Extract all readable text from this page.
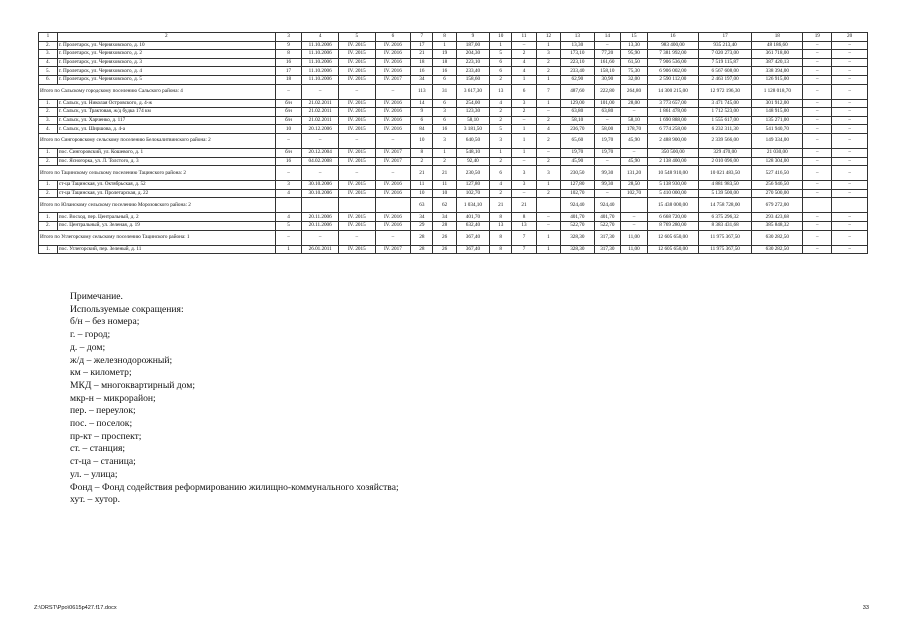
1	2	3	4	5	6	7	8	9	10	11	12	13	14	15	16	17	18	19	20
2.	г. Пролетарск, ул. Черняховского, д. 10	9	11.10.2006	IV. 2015	IV. 2016	17	1	187,00	1	–	1	13,30	–	13,30	983 400,00	935 213,40	48 186,60	–	–
3.	г. Пролетарск, ул. Черняховского, д. 2	8	11.10.2006	IV. 2015	IV. 2016	21	19	204,30	5	2	3	173,10	77,20	95,90	7 381 992,00	7 020 273,00	361 718,00	–	–
4.	г. Пролетарск, ул. Черняховского, д. 3	16	11.10.2006	IV. 2015	IV. 2016	18	18	223,10	6	4	2	223,10	161,60	61,50	7 906 536,00	7 519 115,87	387 420,13	–	–
5.	г. Пролетарск, ул. Черняховского, д. 4	17	11.10.2006	IV. 2015	IV. 2016	16	16	233,40	6	4	2	233,40	158,10	75,30	6 906 002,00	6 567 608,00	338 394,00	–	–
6.	г. Пролетарск, ул. Черняховского, д. 5	18	11.10.2006	IV. 2015	IV. 2017	34	6	158,60	2	1	1	62,90	30,90	32,00	2 590 112,00	2 463 197,00	126 915,00	–	–
Итого по Сальскому городскому поселению Сальского района: 4		–	–	–	–	113	31	3 617,30	13	6	7	487,60	222,80	264,80	14 300 215,00	12 972 196,30	1 128 018,70	–	–
1.	г. Сальск, ул. Николая Островского, д. 4-ж	б/н	21.02.2011	IV. 2015	IV. 2016	14	6	254,00	4	3	1	129,00	101,00	28,00	3 773 657,00	3 471 745,00	301 912,00	–	–
2.	г. Сальск, ул. Трактовая, ж/д будка 174 км	б/н	21.02.2011	IV. 2015	IV. 2016	9	3	123,30	2	2	–	63,80	63,80	–	1 861 478,00	1 712 523,00	148 915,00	–	–
3.	г. Сальск, ул. Харченко, д. 117	б/н	21.02.2011	IV. 2015	IV. 2016	6	6	58,10	2	–	2	58,10	–	58,10	1 690 888,00	1 555 617,00	135 271,00	–	–
4.	г. Сальск, ул. Ширшова, д. 4-а	10	20.12.2006	IV. 2015	IV. 2016	84	16	3 181,50	5	1	4	236,70	58,00	178,70	6 774 258,00	6 232 311,30	541 940,70	–	–
Итого по Сингоровскому сельскому поселению Белокалитвинского района: 2		–	–	–	–	10	3	640,50	3	1	2	65,60	19,70	45,90	2 488 900,00	2 339 566,00	149 334,00	–	–
1.	пос. Сингоровский, ул. Кошевого, д. 1	б/н	20.12.2004	IV. 2015	IV. 2017	8	1	548,10	1	1	–	19,70	19,70	–	350 500,00	329 470,00	21 030,00	–	–
2.	пос. Ясногорка, ул. Л. Толстого, д. 3	16	04.02.2008	IV. 2015	IV. 2017	2	2	92,40	2	–	2	45,90	–	45,90	2 138 400,00	2 010 096,00	128 304,00	–	–
Итого по Тацинскому сельскому поселению Тацинского района: 2		–	–	–	–	21	21	230,50	6	3	3	230,50	99,30	131,20	10 548 910,00	10 021 483,50	527 416,50	–	–
1.	ст-ца Тацинская, ул. Октябрьская, д. 52	3	30.10.2006	IV. 2015	IV. 2016	11	11	127,80	4	3	1	127,80	99,30	28,50	5 138 930,00	4 881 983,50	256 946,50	–	–
2.	ст-ца Тацинская, ул. Пролетарская, д. 22	4	30.10.2006	IV. 2015	IV. 2016	10	10	102,70	2	–	2	102,70	–	102,70	5 410 000,00	5 139 500,00	270 500,00	–	–
Итого по Юланскому сельскому поселению Морозовского района: 2						63	62	1 034,10	21	21		924,40	924,40		15 438 000,00	14 758 728,00	679 272,00		
1.	пос. Восход, пер. Центральный, д. 2	4	20.11.2006	IV. 2015	IV. 2016	34	34	401,70	8	8	–	401,70	401,70	–	6 668 720,00	6 375 296,32	293 423,68	–	–
2.	пос. Центральный, ул. Зеленая, д. 19	5	20.11.2006	IV. 2015	IV. 2016	29	28	632,40	13	13	–	522,70	522,70	–	8 769 280,00	8 383 431,68	385 848,32	–	–
Итого по Углегорскому сельскому поселению Тацинского района: 1		–	–	–	–	28	26	367,40	8	7	1	328,30	317,30	11,00	12 605 650,00	11 975 367,50	630 282,50	–	–
1.	пос. Углегорский, пер. Зеленый, д. 11	1	26.01.2011	IV. 2015	IV. 2017	28	26	367,40	8	7	1	328,30	317,30	11,00	12 605 650,00	11 975 367,50	630 282,50	–	–
Примечание.
Используемые сокращения:
б/н – без номера;
г. – город;
д. – дом;
ж/д – железнодорожный;
км – километр;
МКД – многоквартирный дом;
мкр-н – микрорайон;
пер. – переулок;
пос. – поселок;
пр-кт – проспект;
ст. – станция;
ст-ца – станица;
ул. – улица;
Фонд – Фонд содействия реформированию жилищно-коммунального хозяйства;
хут. – хутор.
Z:\ORST\Ppo\0615p427.f17.docx	33
